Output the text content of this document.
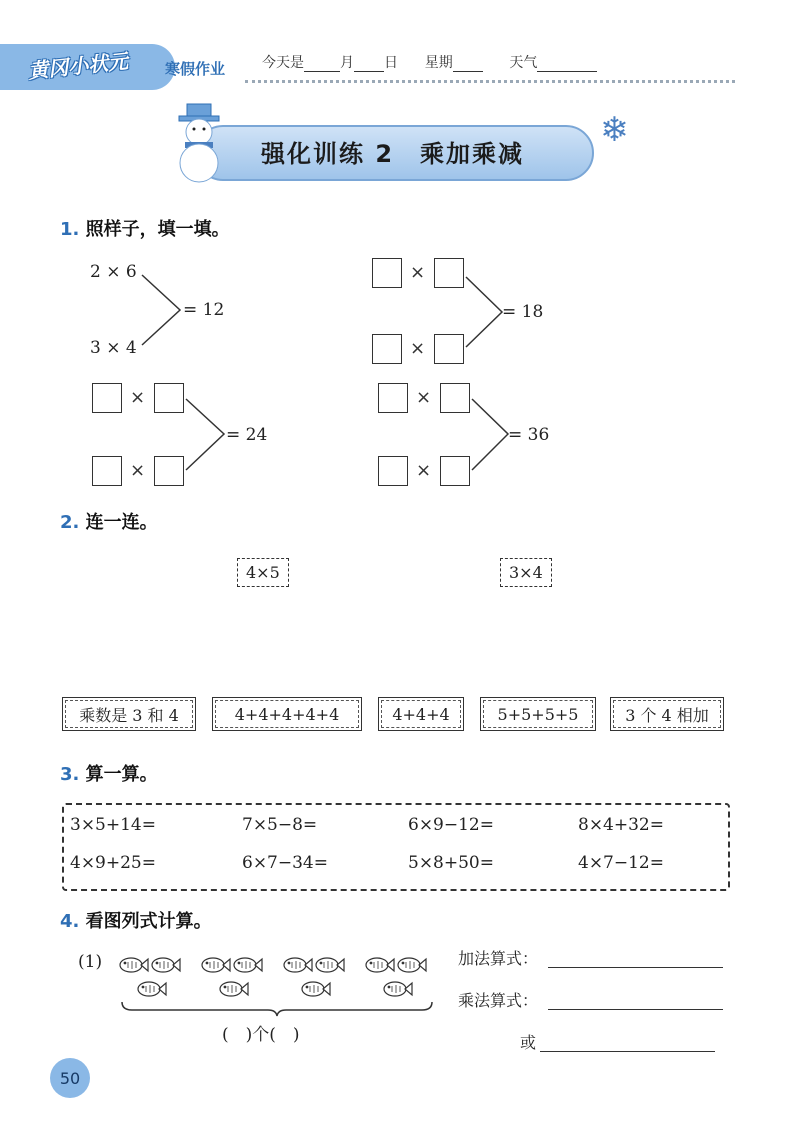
黄冈小状元 寒假作业	今天是	月 日 星期	天气
强化训练 2　乘加乘减
❄
1. 照样子，填一填。
2 × 6
3 × 4
= 12
×
×
= 18
×
×
= 24
×
×
= 36
2. 连一连。
4×5	3×4
乘数是 3 和 4	4+4+4+4+4	4+4+4	5+5+5+5	3 个 4 相加
3. 算一算。
3×5+14=	7×5−8=	6×9−12=	8×4+32=
4×9+25=	6×7−34=	5×8+50=	4×7−12=
4. 看图列式计算。
(1)
(　)个(　)
加法算式：
乘法算式：
或
50
